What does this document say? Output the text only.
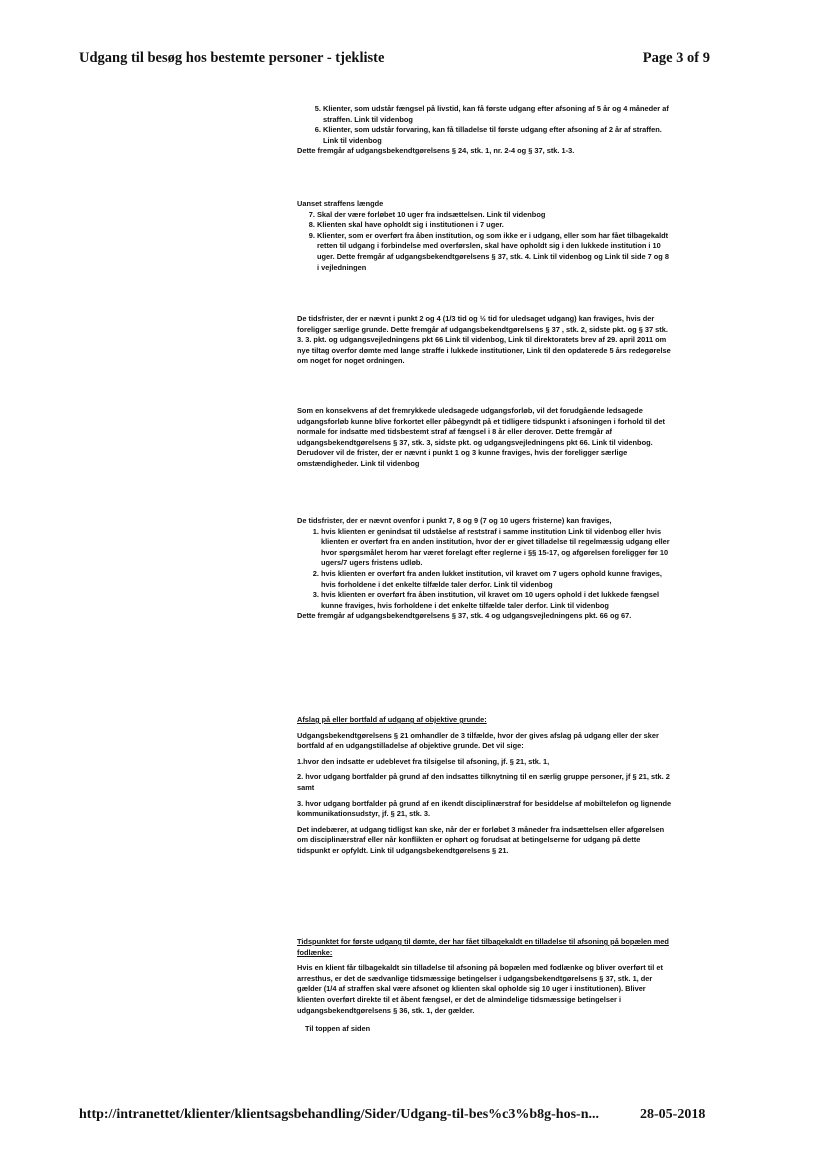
Udgang til besøg hos bestemte personer - tjekliste	Page 3 of 9
5. Klienter, som udstår fængsel på livstid, kan få første udgang efter afsoning af 5 år og 4 måneder af straffen. Link til videnbog
6. Klienter, som udstår forvaring, kan få tilladelse til første udgang efter afsoning af 2 år af straffen. Link til videnbog

Dette fremgår af udgangsbekendtgørelsens § 24, stk. 1, nr. 2-4 og § 37, stk. 1-3.

Uanset straffens længde

7. Skal der være forløbet 10 uger fra indsættelsen. Link til videnbog
8. Klienten skal have opholdt sig i institutionen i 7 uger.
9. Klienter, som er overført fra åben institution, og som ikke er i udgang, eller som har fået tilbagekaldt retten til udgang i forbindelse med overførslen, skal have opholdt sig i den lukkede institution i 10 uger. Dette fremgår af udgangsbekendtgørelsens § 37, stk. 4. Link til videnbog og Link til side 7 og 8 i vejledningen

De tidsfrister, der er nævnt i punkt 2 og 4 (1/3 tid og ½ tid for uledsaget udgang) kan fraviges, hvis der foreligger særlige grunde. Dette fremgår af udgangsbekendtgørelsens § 37 , stk. 2, sidste pkt. og § 37 stk. 3. 3. pkt. og udgangsvejledningens pkt 66 Link til videnbog, Link til direktoratets brev af 29. april 2011 om nye tiltag overfor dømte med lange straffe i lukkede institutioner, Link til den opdaterede 5 års redegørelse om noget for noget ordningen.

Som en konsekvens af det fremrykkede uledsagede udgangsforløb, vil det forudgående ledsagede udgangsforløb kunne blive forkortet eller påbegyndt på et tidligere tidspunkt i afsoningen i forhold til det normale for indsatte med tidsbestemt straf af fængsel i 8 år eller derover. Dette fremgår af udgangsbekendtgørelsens § 37, stk. 3, sidste pkt. og udgangsvejledningens pkt 66. Link til videnbog.

Derudover vil de frister, der er nævnt i punkt 1 og 3 kunne fraviges, hvis der foreligger særlige omstændigheder. Link til videnbog

De tidsfrister, der er nævnt ovenfor i punkt 7, 8 og 9 (7 og 10 ugers fristerne) kan fraviges,

1. hvis klienten er genindsat til udståelse af reststraf i samme institution Link til videnbog eller hvis klienten er overført fra en anden institution, hvor der er givet tilladelse til regelmæssig udgang eller hvor spørgsmålet herom har været forelagt efter reglerne i §§ 15-17, og afgørelsen foreligger før 10 ugers/7 ugers fristens udløb.
2. hvis klienten er overført fra anden lukket institution, vil kravet om 7 ugers ophold kunne fraviges, hvis forholdene i det enkelte tilfælde taler derfor. Link til videnbog
3. hvis klienten er overført fra åben institution, vil kravet om 10 ugers ophold i det lukkede fængsel kunne fraviges, hvis forholdene i det enkelte tilfælde taler derfor. Link til videnbog

Dette fremgår af udgangsbekendtgørelsens § 37, stk. 4 og udgangsvejledningens pkt. 66 og 67.

Afslag på eller bortfald af udgang af objektive grunde:

Udgangsbekendtgørelsens § 21 omhandler de 3 tilfælde, hvor der gives afslag på udgang eller der sker bortfald af en udgangstilladelse af objektive grunde. Det vil sige:

1.hvor den indsatte er udeblevet fra tilsigelse til afsoning, jf. § 21, stk. 1,

2. hvor udgang bortfalder på grund af den indsattes tilknytning til en særlig gruppe personer, jf § 21, stk. 2 samt

3. hvor udgang bortfalder på grund af en ikendt disciplinærstraf for besiddelse af mobiltelefon og lignende kommunikationsudstyr, jf. § 21, stk. 3.

Det indebærer, at udgang tidligst kan ske, når der er forløbet 3 måneder fra indsættelsen eller afgørelsen om disciplinærstraf eller når konflikten er ophørt og forudsat at betingelserne for udgang på dette tidspunkt er opfyldt. Link til udgangsbekendtgørelsens § 21.

Tidspunktet for første udgang til dømte, der har fået tilbagekaldt en tilladelse til afsoning på bopælen med fodlænke:

Hvis en klient får tilbagekaldt sin tilladelse til afsoning på bopælen med fodlænke og bliver overført til et arresthus, er det de sædvanlige tidsmæssige betingelser i udgangsbekendtgørelsens § 37, stk. 1, der gælder (1/4 af straffen skal være afsonet og klienten skal opholde sig 10 uger i institutionen). Bliver klienten overført direkte til et åbent fængsel, er det de almindelige tidsmæssige betingelser i udgangsbekendtgørelsens § 36, stk. 1, der gælder.

Til toppen af siden

http://intranettet/klienter/klientsagsbehandling/Sider/Udgang-til-bes%c3%b8g-hos-n...	28-05-2018
